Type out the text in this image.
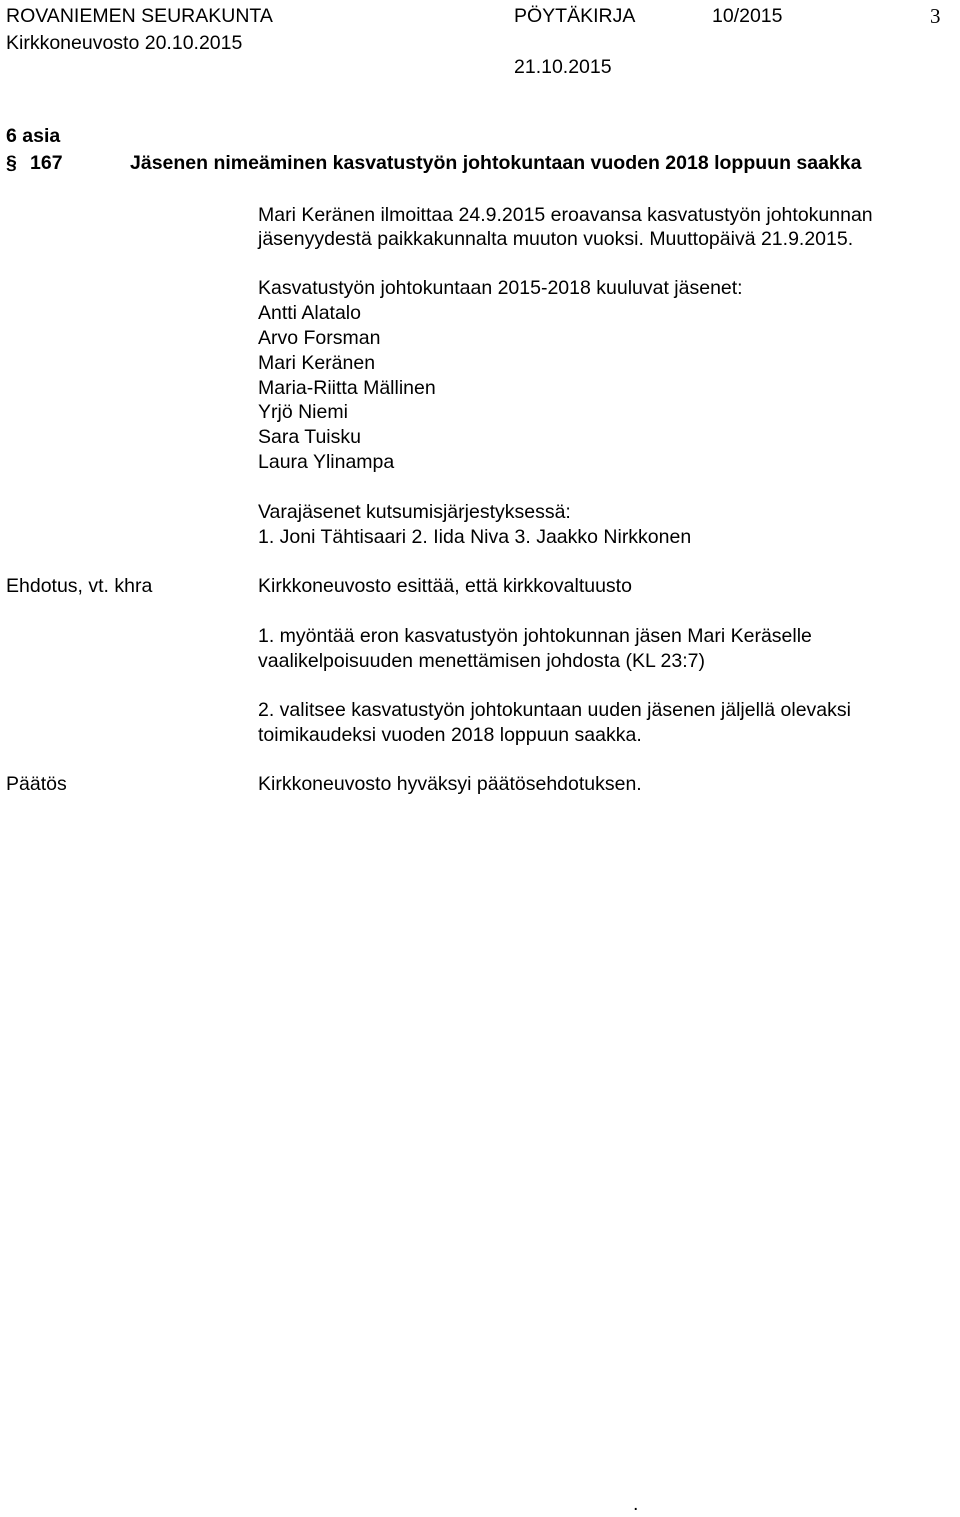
ROVANIEMEN SEURAKUNTA	PÖYTÄKIRJA	10/2015	3
Kirkkoneuvosto 20.10.2015
21.10.2015
6 asia
§ 167	Jäsenen nimeäminen kasvatustyön johtokuntaan vuoden 2018 loppuun saakka
Mari Keränen ilmoittaa 24.9.2015 eroavansa kasvatustyön johtokunnan
jäsenyydestä paikkakunnalta muuton vuoksi. Muuttopäivä 21.9.2015.
Kasvatustyön johtokuntaan 2015-2018 kuuluvat jäsenet:
Antti Alatalo
Arvo Forsman
Mari Keränen
Maria-Riitta Mällinen
Yrjö Niemi
Sara Tuisku
Laura Ylinampa
Varajäsenet kutsumisjärjestyksessä:
1. Joni Tähtisaari 2. Iida Niva 3. Jaakko Nirkkonen
Ehdotus, vt. khra	Kirkkoneuvosto esittää, että kirkkovaltuusto
1. myöntää eron kasvatustyön johtokunnan jäsen Mari Keräselle
vaalikelpoisuuden menettämisen johdosta (KL 23:7)
2. valitsee kasvatustyön johtokuntaan uuden jäsenen jäljellä olevaksi
toimikaudeksi vuoden 2018 loppuun saakka.
Päätös	Kirkkoneuvosto hyväksyi päätösehdotuksen.
.
